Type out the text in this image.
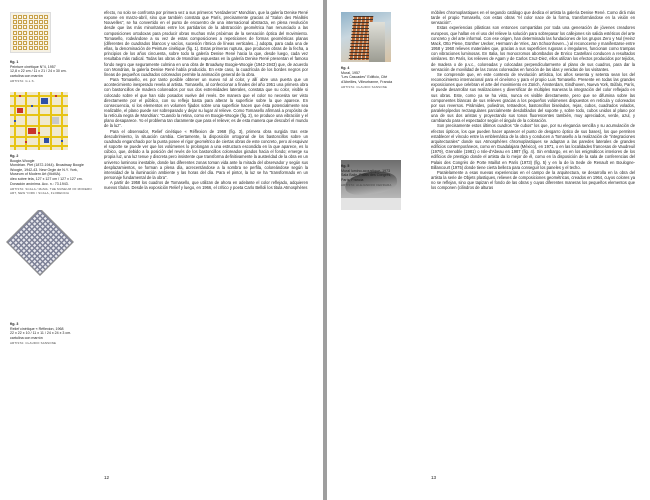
fig. 1
Peinture cinétique N°4, 1957
12,8 x 22 cm / 11 x 21 / 24 x 30 cm.
cartulina con marrón
ARTISTA: G.L.S.
fig. 2
Boogie-Woogie
Mondrian. Piet (1872-1944). Broadway Boogie
Woogie, 1942-43. New Orgin de N.Y. York,
Museum of Modern Art (MoMA).
óleo sobre tela, 127 x 127 cm / 127 x 127 cm.
Donación anónima. Acc. n.: 73.1943.
ARTISTA: SCALA / MoMA. THE MUSEUM OF MODERN ART, NEW YORK / SCALA, FLORENCIA
fig. 3
Relief cinétique « Réflexion, 1968
22 x 22 x 10 / 11 x 11 / 24 x 24 x 3 cm.
cartulina con marrón
ARTISTA: CLAUDIO SANSONE

efecto, no solo se confronta por primera vez a sus primeros "verdaderos" Mondrian, que la galería Denise René expone en marzo-abril, sino que también constata que París, precisamente gracias al "Salon des Réalités Nouvelles", se ha convertido en el punto de encuentro de una internacional abstracta, en plena revolución desde que las más minoritarias entre los partidarios de la abstracción geométrica han renunciado a las composiciones ortodoxas para producir obras muchas más próximas de la sensación óptica del movimiento. Tomasello, rodeándose a su vez de estas composiciones a repeticiones de formas geométricas planas (diferentes de cuadrados blancos y vacíos, sucesión rítmica de líneas verticales...) adopta, para cada una de ellas, la denominación de Peinture cinétique (fig. 1). Estas primeras ruptura, que producen obras de la fecha, a principios de los años cincuenta, sobre todo la galería Denise René hacia la que, desde luego, cada vez resultaba más radical. Todas las obras de Mondrian expuestas en la galería Denise René presentan el famoso fondo negro que seguramente culmina en una obra de Broadway Boogie-Woogie (1942-1943) que, de acuerdo con Mondrian, la galería Denise René había producido. En este caso, la cuadrícula de los bordes negros por líneas de pequeños cuadrados coloreados permite la animación general de la obra.

Para Tomasello, es por tanto posible obtener un nuevo rol al color, y allí abre una puerta que un acontecimiento inesperado revela al artista. Tomasello, al confeccionar a finales del año 1951 una primera obra con bastoncillos de madera coloreados por sus dos extremidades laterales, constata que su color, visible si colocado sobre el que han sido posados vuelve del revés. De manera que el color no necesita ser visto directamente por el público, con su reflejo basta para alterar la superficie sobre la que aparece. En consecuencia, si los elementos en volumen fijados sobre una superficie hacen que ésta potencialmente sea realizable, el plano puede ser sobrepasado y dejar su lugar al relieve. Como Tomasello afirmará a propósito de la retícula negra de Mondrian: "Cuando la retina, como en Boogie-Woogie (fig. 2), se produce una vibración y el plano desaparece. Yo el problema tan claramente que para el relieve; es de esta manera que descubrí el mundo de la luz".

Para el observador, Relief cinétique « Réflexion de 1968 (fig. 3), primera obra surgida tras este descubrimiento, la situación cambia. Ciertamente, la disposición ortogonal de los bastoncillos sobre un cuadrado enganchado por la punta posee el rigor geométrico de ciertas obras de este concreto, pero al esquivar el soporte se puede ver que los volúmenes lo prolongan a una estructura escondida en la que aparece, es lo cúbico, que, debido a la posición del revés de los bastoncillos coloreados girados hacia el fondo; emerge su propia luz, una luz tenue y discreta pero insistente que transforma definitivamente la austeridad de la obra en un universo luminoso inestable, donde las diferentes zonas toman vida ante la mirada del observador y según sus desplazamientos, se forman a plena día, acrecentándose a la sombra se perfila, coloreándose según la intensidad de la iluminación ambiente y las horas del día. Para el pintor, la luz se ha "transformado en un personaje fundamental de la obra".

A partir de 1958 los cuadros de Tomasello, que utilizan de ahora en adelante el color reflejado, adquieren nuevos títulos. Desde la exposición Relief y luego, en 1966, el crítico y poeta Carlo Belloli los titula Atmosphères

12
fig. 4
Mural, 1957
"Les Cascades" Edificio, Cité
d'Abeilles, Villeurbanne, Francia
ARTISTA: CLAUDIO SANSONE
fig. 5
Mural lumino-acoustique, 1973
Sala Baile, Palais des Congrès,
París, Francia
ARTISTA: ALEJANDRO FERRARA

móbiles chromoplastiques en el segundo catálogo que dedica el artista la galería Denise René. Como dirá más tarde el propio Tomasello, con estas obras "el color nace de la forma, transformándose en la visión en sensación".

Estas experiencias plásticas son entonces compartidas por toda una generación de jóvenes creadores europeos, que hallan en el uso del relieve la solución para sobrepasar los callejones sin salida estéticos del arte concreto y del arte informal. Con ese origen, han determinado las fundaciones de los grupos Zero y Nul (Heinz Mack, Otto Piene, Günther Uecker, Hermann de Vries, Jan Schoonhoven...) al reconocerse y manifestarse entre 1958 y 1960 relieves materiales que, gracias a sus superficies rugosas o irregulares, funcionan como trampas con vibraciones luminosas. En Italia, los monocromos abombados de Enrico Castellani conducen a resultados similares. En París, los relieves de Agam y de Carlos Cruz-Diez, ellos utilizan los efectos producidos por tejidos, de madera o de p.v.c., coloreadas y colocadas perpendicularmente al plano de sus cuadros, para dar la sensación de movilidad de las zonas coloreadas en función de las idas y venidas de los visitantes.

Se comprende que, en este contexto de revolución artística, los años sesenta y setenta sean los del reconocimiento internacional para el cineísmo y para el propio Luis Tomasello. Presente en todas las grandes exposiciones que celebran el arte del movimiento en Zürich, Ámsterdam, Eindhoven, Nueva York, Búfalo, París, él puede desarrollar sus realizaciones y diversificar de múltiples maneras la integración del color reflejado en sus obras. Este, como ya se ha visto, nunca es visible directamente, pero que se difumina sobre las componentes blancas de sus relieves gracias a los pequeños volúmenes dispuestos en retícula y coloreados por sus reversos. Pirámides, poliedros, tetraedros, bastoncillos biselados, rejas, cubos, cuadrados volados, paralelepípedos rectangulares parcialmente desdoblados del soporte y, sobre todo, cubos unidos al plano por una de sus dos aristas y proyectando sus tonos fluorescentes también, muy apreciados, verde, azul, y cambiando para el espectador según el ángulo de la coloración.

Son precisamente estos últimos cuadros "de cubos" los que, por su elegancia sencilla y su acumulación de efectos ópticos, los que pueden hacer aparecer el punto de desgarro óptico de sus bases), los que permiten establecer el vínculo entre la emblemática de la obra y conducen a Tomasello a la realización de "integraciones arquitecturales" donde sus Atmosphères chromoplastiques se adaptan a las paredes laterales de grandes edificios contemporáneos, como en Guadalajara (México), en 1971, o en las localidades francesas de Vaudreuil (1979), Grenoble (1981) o Isle-d'Abeau en 1987 (fig. 4). Sin embargo, es en los enigmáticos interiores de los edificios de prestigio donde el artista da lo mejor de él, como en la disposición de la sala de conferencias del Palais des Congrès de Porte Maillot en París (1973) (fig. 5) y en la de la Sede de Renault en Boulogne-Billancourt (1975) donde tiene cierta belleza para conseguir los paneles y el techo.

Paralelamente a esas nuevas experiencias en el campo de la arquitectura, se desarrolla en la obra del artista la serie de Objets plastiques, relieves de composiciones geométricas, creados en 1964, cuyos colores ya no se reflejan, sino que tapizan el fondo de las obras y cuyas diferentes maneras los pequeños elementos que los componen (cilindros de alturas

13
